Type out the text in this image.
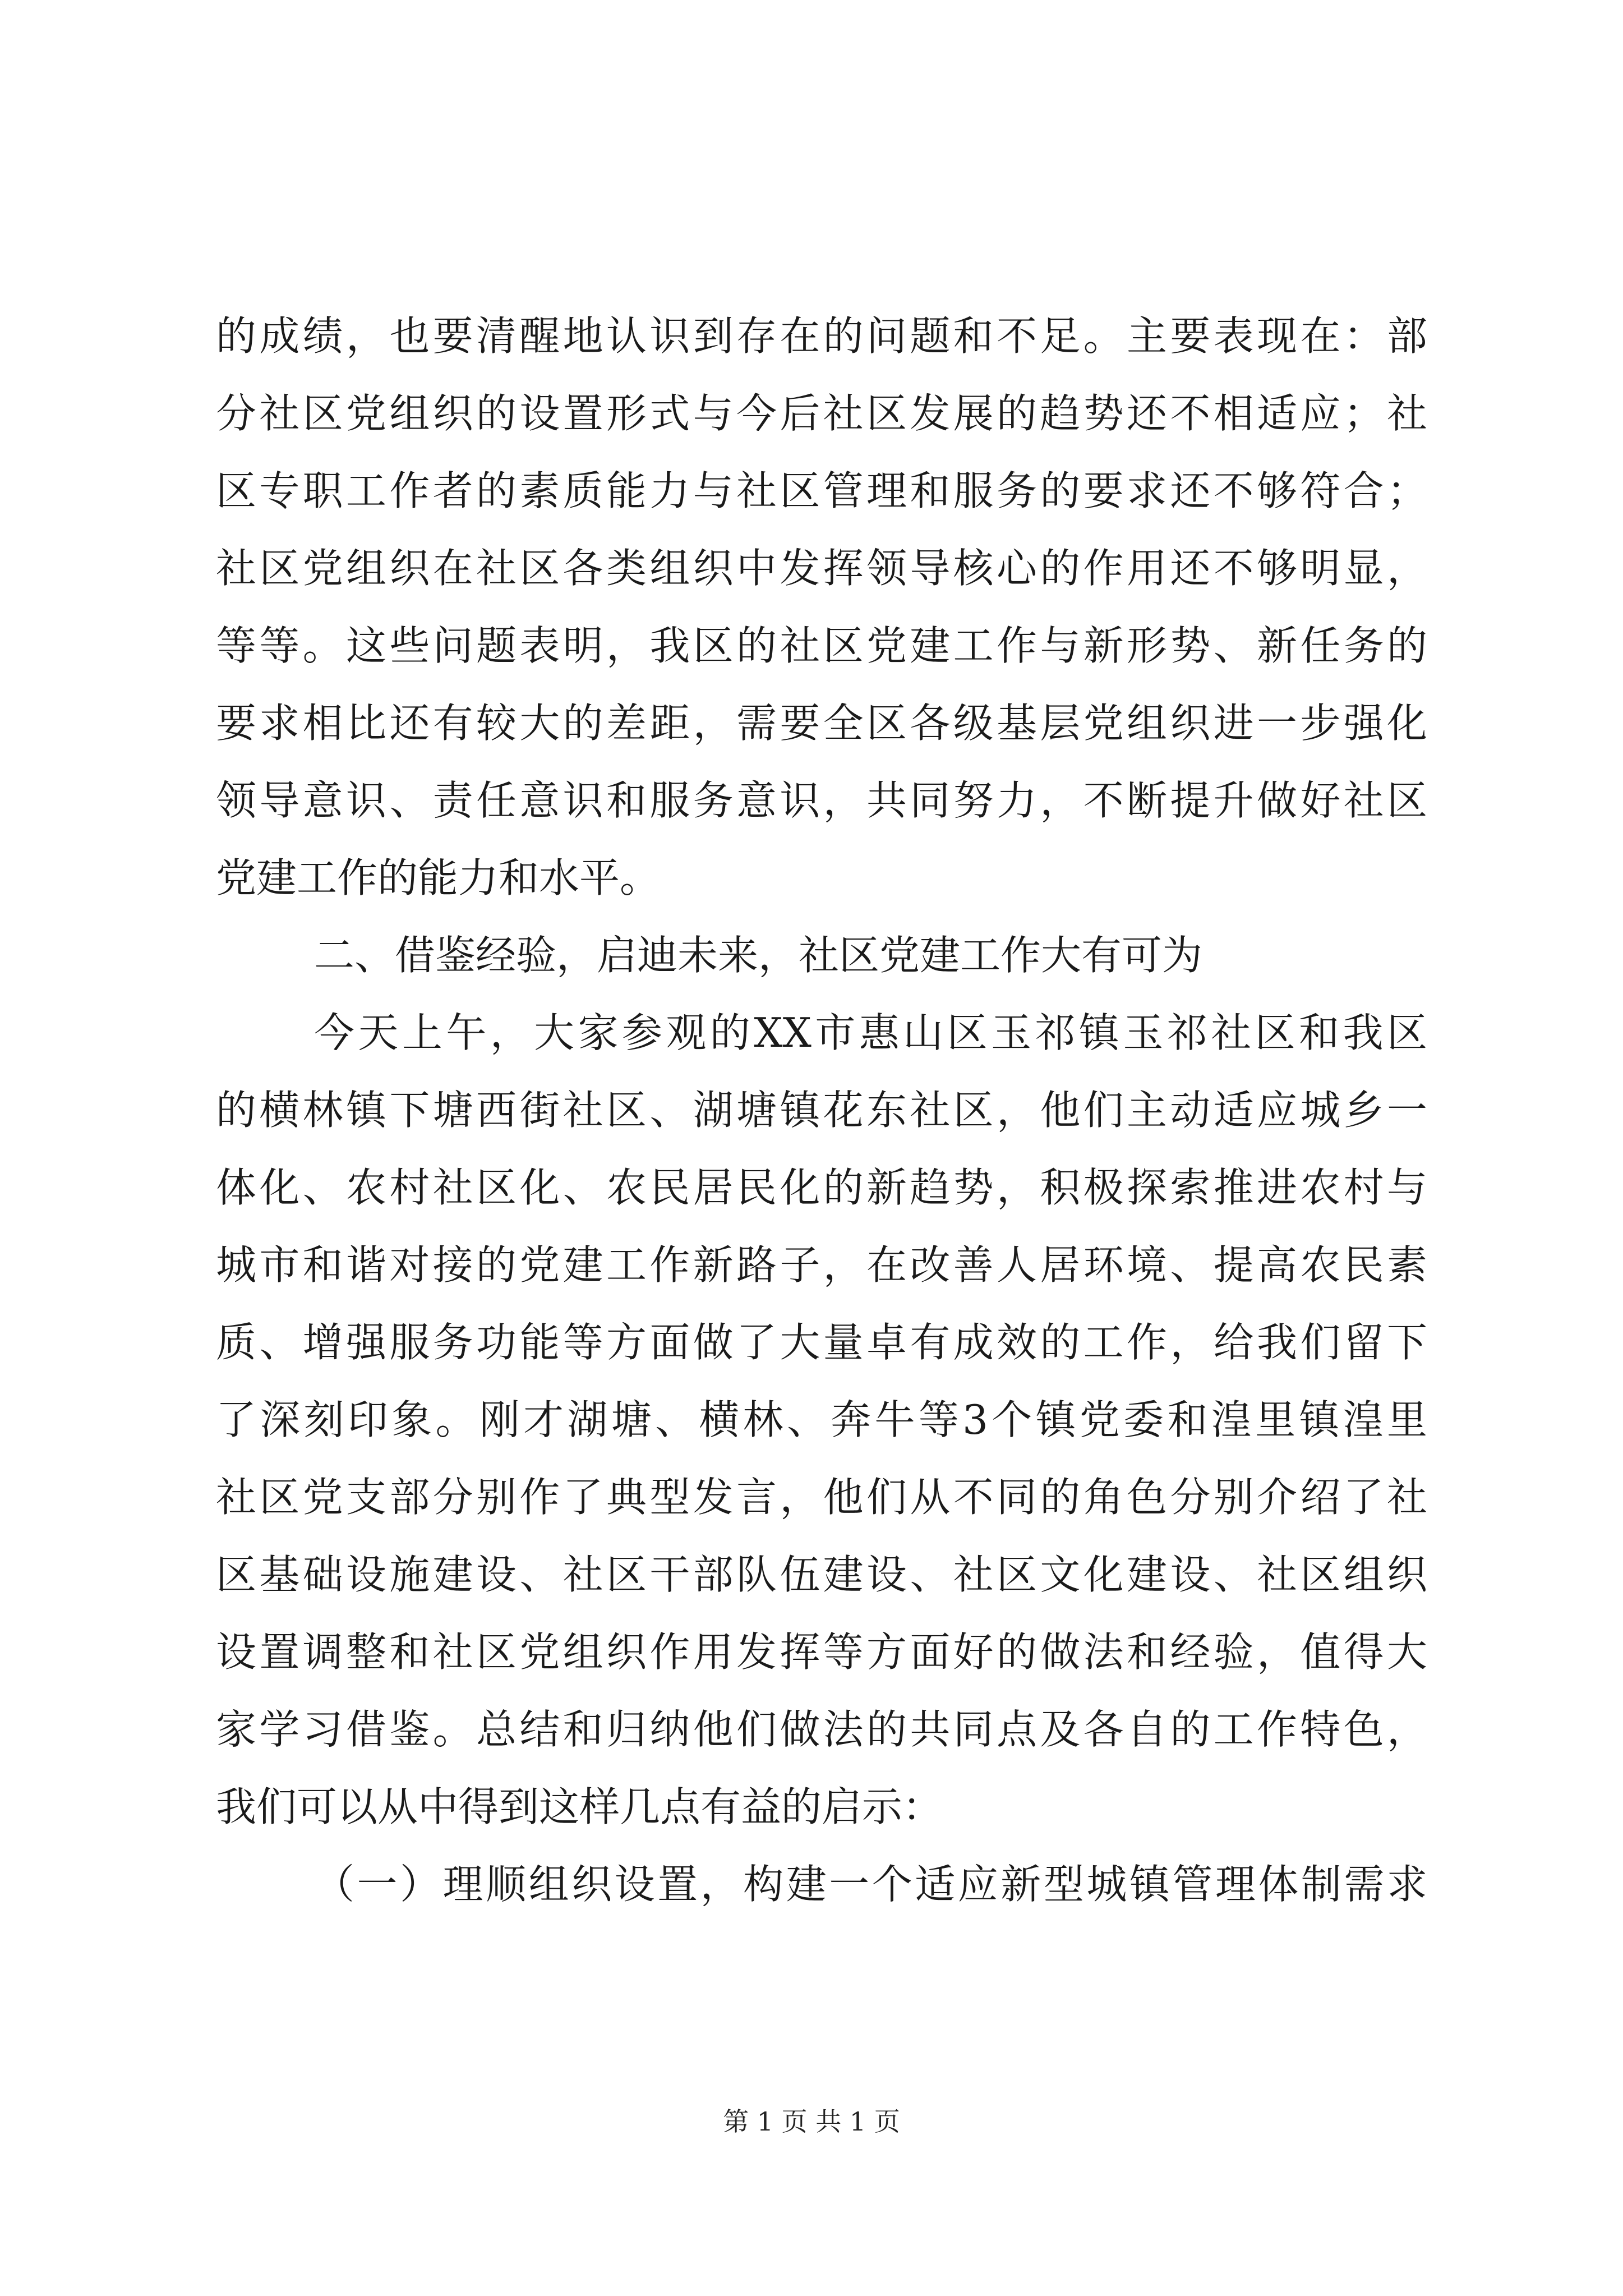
的成绩，也要清醒地认识到存在的问题和不足。主要表现在：部
分社区党组织的设置形式与今后社区发展的趋势还不相适应；社
区专职工作者的素质能力与社区管理和服务的要求还不够符合；
社区党组织在社区各类组织中发挥领导核心的作用还不够明显，
等等。这些问题表明，我区的社区党建工作与新形势、新任务的
要求相比还有较大的差距，需要全区各级基层党组织进一步强化
领导意识、责任意识和服务意识，共同努力，不断提升做好社区
党建工作的能力和水平。
二、借鉴经验，启迪未来，社区党建工作大有可为
今天上午，大家参观的XX市惠山区玉祁镇玉祁社区和我区
的横林镇下塘西街社区、湖塘镇花东社区，他们主动适应城乡一
体化、农村社区化、农民居民化的新趋势，积极探索推进农村与
城市和谐对接的党建工作新路子，在改善人居环境、提高农民素
质、增强服务功能等方面做了大量卓有成效的工作，给我们留下
了深刻印象。刚才湖塘、横林、奔牛等3个镇党委和湟里镇湟里
社区党支部分别作了典型发言，他们从不同的角色分别介绍了社
区基础设施建设、社区干部队伍建设、社区文化建设、社区组织
设置调整和社区党组织作用发挥等方面好的做法和经验，值得大
家学习借鉴。总结和归纳他们做法的共同点及各自的工作特色，
我们可以从中得到这样几点有益的启示：
（一）理顺组织设置，构建一个适应新型城镇管理体制需求
第 1 页 共 1 页
